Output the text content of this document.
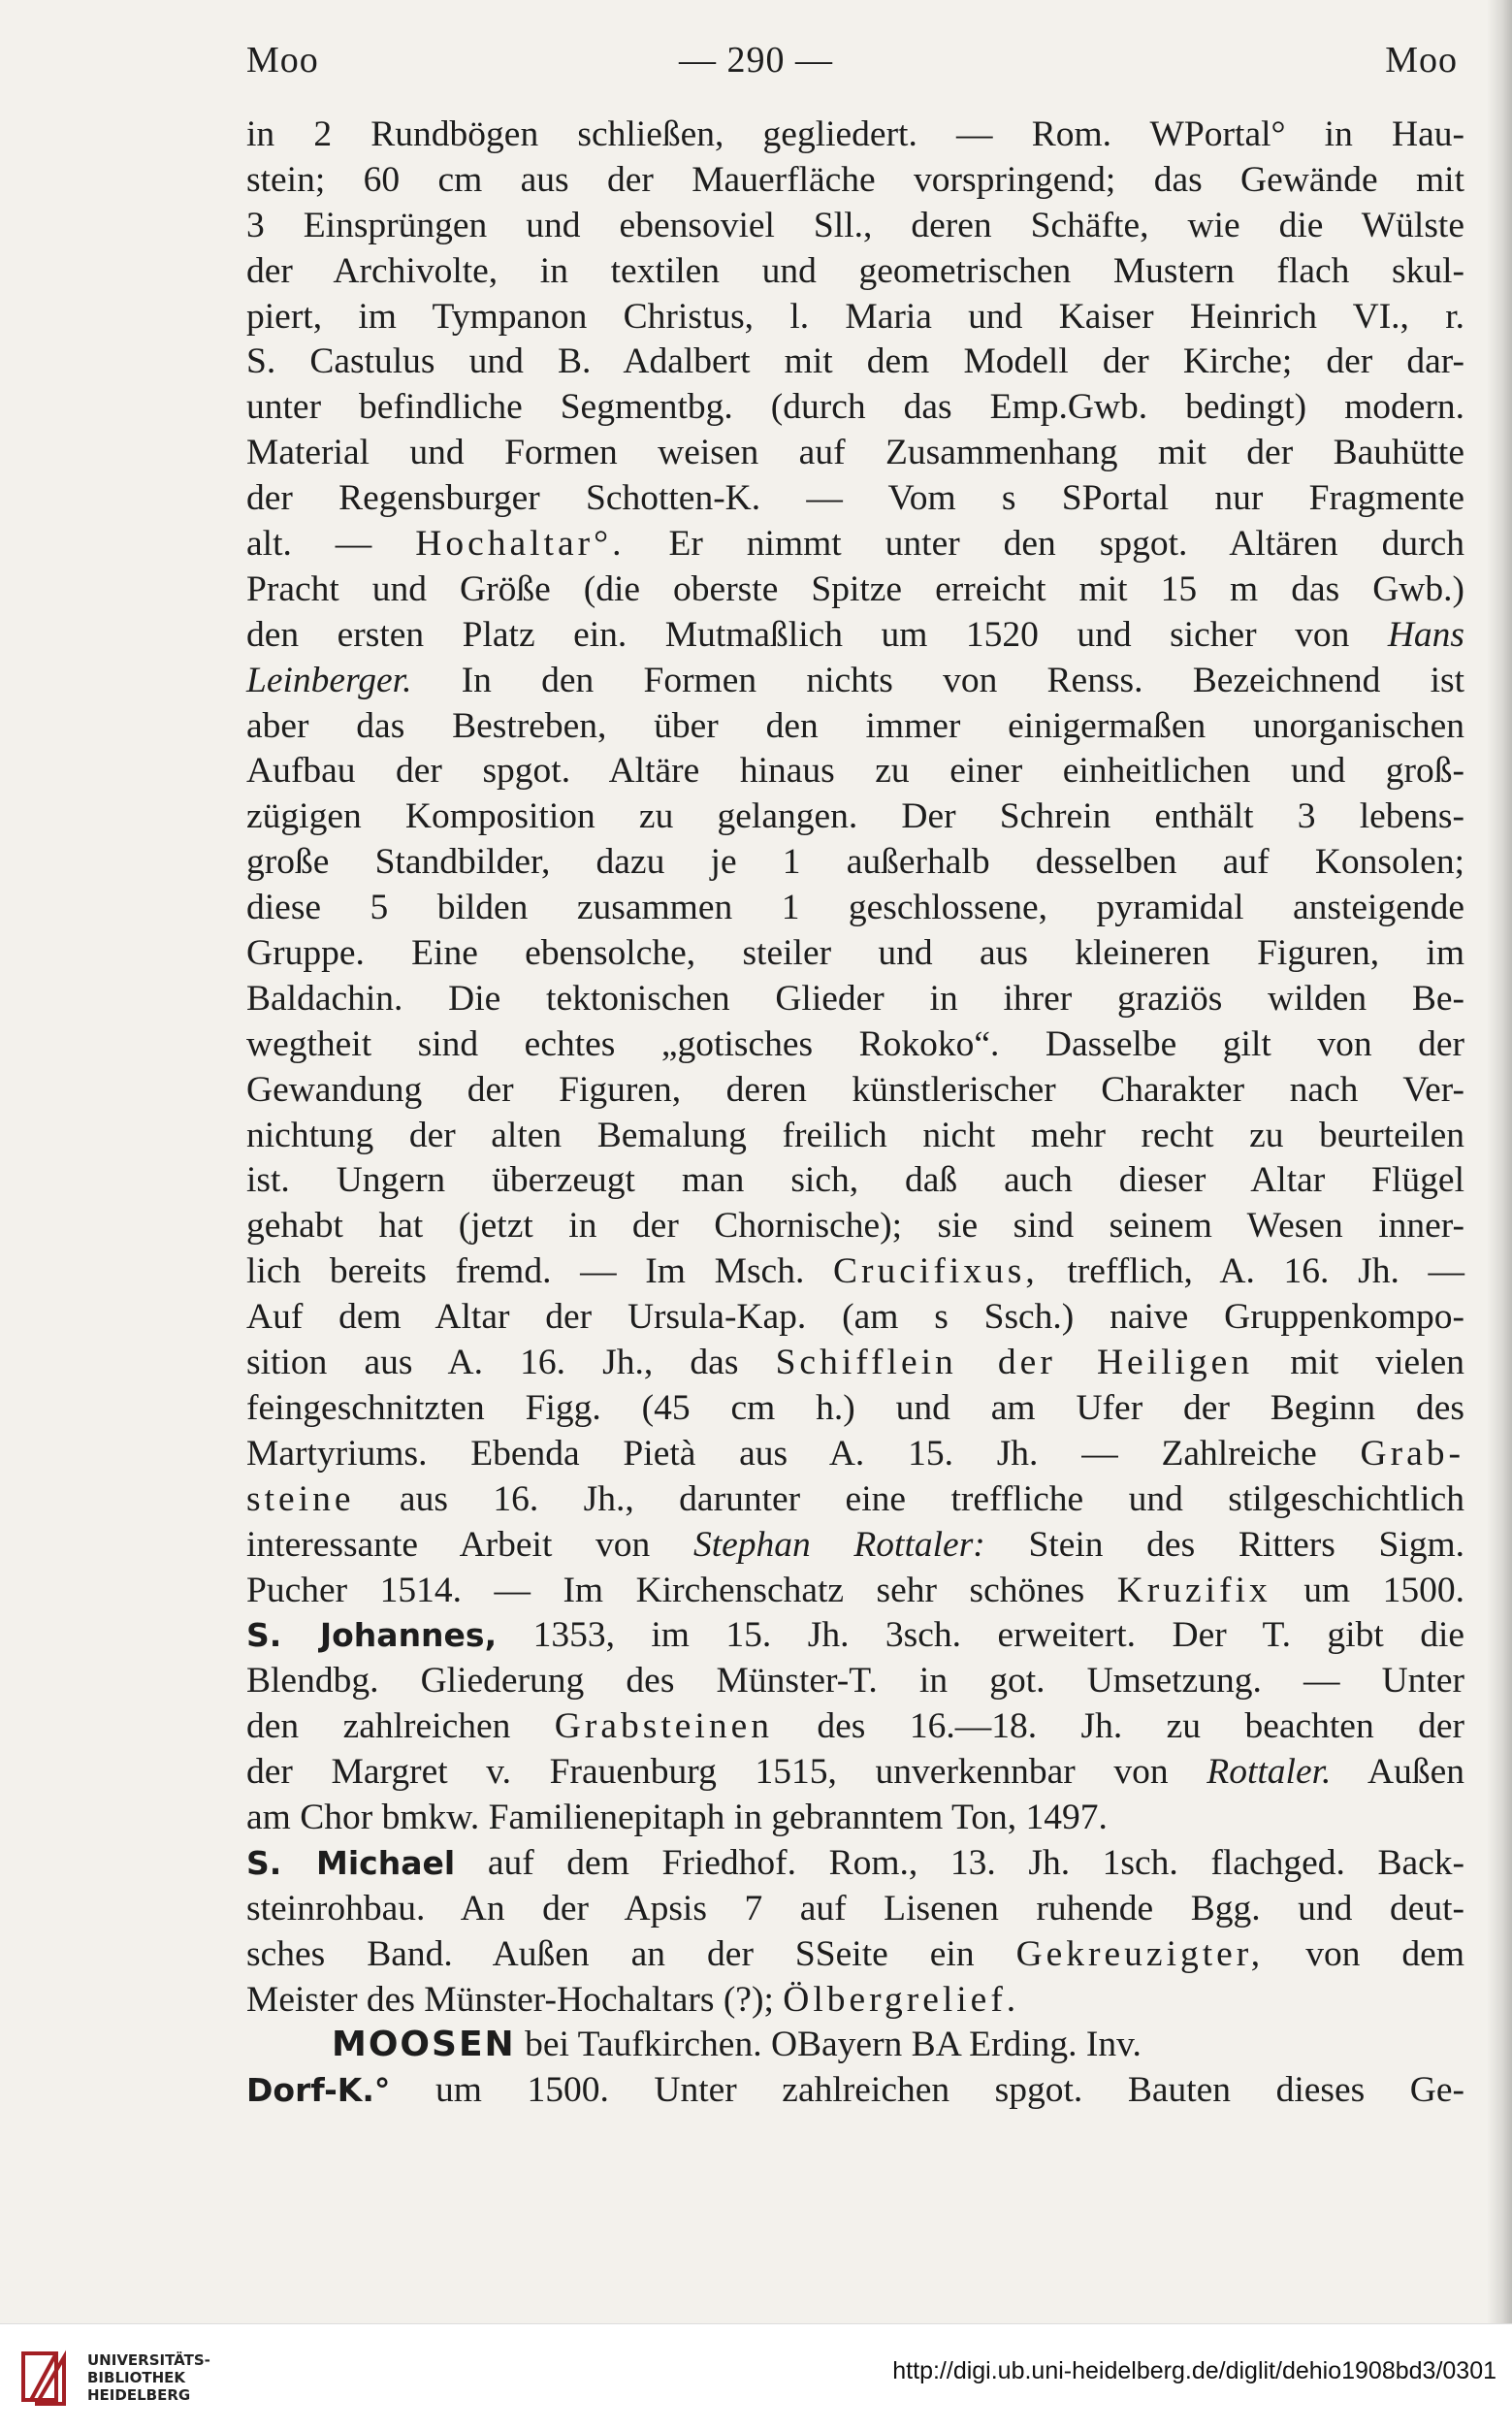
Moo	— 290 —	Moo
in 2 Rundbögen schließen, gegliedert. — Rom. WPortal° in Hau-
stein; 60 cm aus der Mauerfläche vorspringend; das Gewände mit
3 Einsprüngen und ebensoviel Sll., deren Schäfte, wie die Wülste
der Archivolte, in textilen und geometrischen Mustern flach skul-
piert, im Tympanon Christus, l. Maria und Kaiser Heinrich VI., r.
S. Castulus und B. Adalbert mit dem Modell der Kirche; der dar-
unter befindliche Segmentbg. (durch das Emp.Gwb. bedingt) modern.
Material und Formen weisen auf Zusammenhang mit der Bauhütte
der Regensburger Schotten-K. — Vom s SPortal nur Fragmente
alt. — Hochaltar°. Er nimmt unter den spgot. Altären durch
Pracht und Größe (die oberste Spitze erreicht mit 15 m das Gwb.)
den ersten Platz ein. Mutmaßlich um 1520 und sicher von Hans
Leinberger. In den Formen nichts von Renss. Bezeichnend ist
aber das Bestreben, über den immer einigermaßen unorganischen
Aufbau der spgot. Altäre hinaus zu einer einheitlichen und groß-
zügigen Komposition zu gelangen. Der Schrein enthält 3 lebens-
große Standbilder, dazu je 1 außerhalb desselben auf Konsolen;
diese 5 bilden zusammen 1 geschlossene, pyramidal ansteigende
Gruppe. Eine ebensolche, steiler und aus kleineren Figuren, im
Baldachin. Die tektonischen Glieder in ihrer graziös wilden Be-
wegtheit sind echtes „gotisches Rokoko“. Dasselbe gilt von der
Gewandung der Figuren, deren künstlerischer Charakter nach Ver-
nichtung der alten Bemalung freilich nicht mehr recht zu beurteilen
ist. Ungern überzeugt man sich, daß auch dieser Altar Flügel
gehabt hat (jetzt in der Chornische); sie sind seinem Wesen inner-
lich bereits fremd. — Im Msch. Crucifixus, trefflich, A. 16. Jh. —
Auf dem Altar der Ursula-Kap. (am s Ssch.) naive Gruppenkompo-
sition aus A. 16. Jh., das Schifflein der Heiligen mit vielen
feingeschnitzten Figg. (45 cm h.) und am Ufer der Beginn des
Martyriums. Ebenda Pietà aus A. 15. Jh. — Zahlreiche Grab-
steine aus 16. Jh., darunter eine treffliche und stilgeschichtlich
interessante Arbeit von Stephan Rottaler: Stein des Ritters Sigm.
Pucher 1514. — Im Kirchenschatz sehr schönes Kruzifix um 1500.
S. Johannes, 1353, im 15. Jh. 3sch. erweitert. Der T. gibt die
Blendbg. Gliederung des Münster-T. in got. Umsetzung. — Unter
den zahlreichen Grabsteinen des 16.—18. Jh. zu beachten der
der Margret v. Frauenburg 1515, unverkennbar von Rottaler. Außen
am Chor bmkw. Familienepitaph in gebranntem Ton, 1497.
S. Michael auf dem Friedhof. Rom., 13. Jh. 1sch. flachged. Back-
steinrohbau. An der Apsis 7 auf Lisenen ruhende Bgg. und deut-
sches Band. Außen an der SSeite ein Gekreuzigter, von dem
Meister des Münster-Hochaltars (?); Ölbergrelief.
MOOSEN bei Taufkirchen. OBayern BA Erding. Inv.
Dorf-K.° um 1500. Unter zahlreichen spgot. Bauten dieses Ge-
UNIVERSITÄTS-
BIBLIOTHEK
HEIDELBERG
http://digi.ub.uni-heidelberg.de/diglit/dehio1908bd3/0301
